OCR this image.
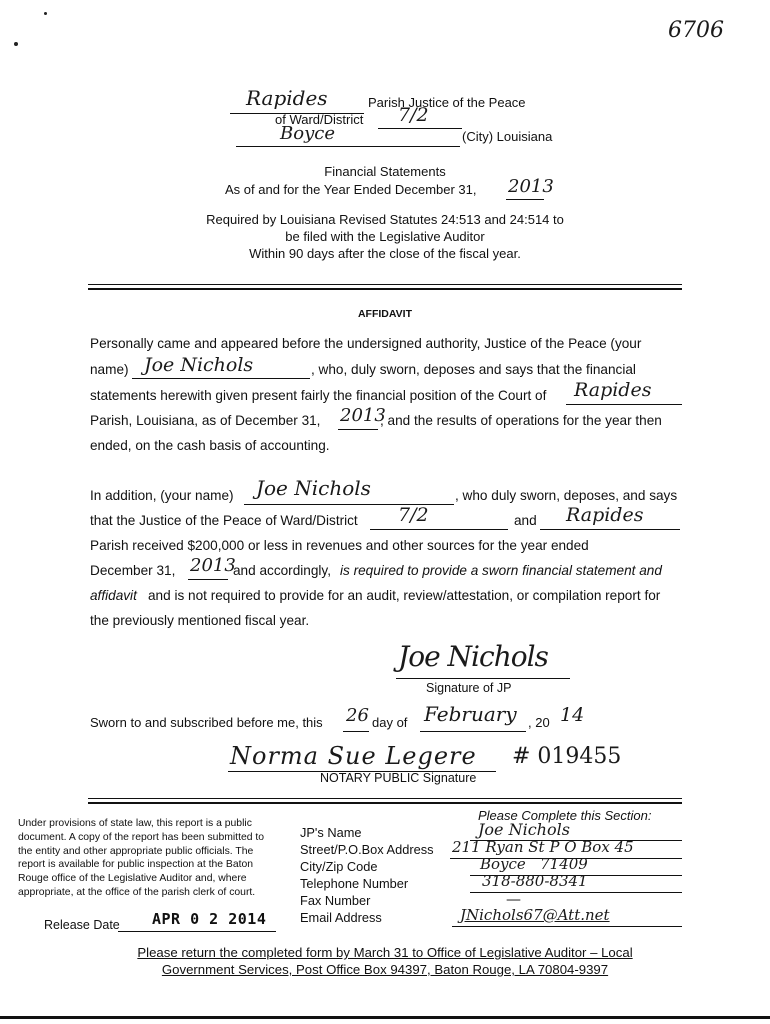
6706
Rapides	Parish Justice of the Peace
of Ward/District 7/2
Boyce	(City) Louisiana
Financial Statements
As of and for the Year Ended December 31, 2013
Required by Louisiana Revised Statutes 24:513 and 24:514 to
be filed with the Legislative Auditor
Within 90 days after the close of the fiscal year.
AFFIDAVIT
Personally came and appeared before the undersigned authority, Justice of the Peace (your
name) Joe Nichols	, who, duly sworn, deposes and says that the financial
statements herewith given present fairly the financial position of the Court of Rapides
Parish, Louisiana, as of December 31, 2013
, and the results of operations for the year then
ended, on the cash basis of accounting.
In addition, (your name) Joe Nichols	, who duly sworn, deposes, and says
that the Justice of the Peace of Ward/District 7/2	and Rapides
Parish received $200,000 or less in revenues and other sources for the year ended
December 31, 2013
and accordingly, is required to provide a sworn financial statement and
affidavit and is not required to provide for an audit, review/attestation, or compilation report for
the previously mentioned fiscal year.
Joe Nichols
Signature of JP
Sworn to and subscribed before me, this 26 day of February , 20 14
Norma Sue Legere # 019455
NOTARY PUBLIC Signature
Under provisions of state law, this report is a public
document. A copy of the report has been submitted to
the entity and other appropriate public officials. The
report is available for public inspection at the Baton
Rouge office of the Legislative Auditor and, where
appropriate, at the office of the parish clerk of court.
Release Date APR 0 2 2014
Please Complete this Section:
JP's Name	Joe Nichols
Street/P.O.Box Address 211 Ryan St P O Box 45
City/Zip Code	Boyce   71409
Telephone Number	318-880-8341
Fax Number	—
Email Address	JNichols67@Att.net
Please return the completed form by March 31 to Office of Legislative Auditor – Local
Government Services, Post Office Box 94397, Baton Rouge, LA 70804-9397
